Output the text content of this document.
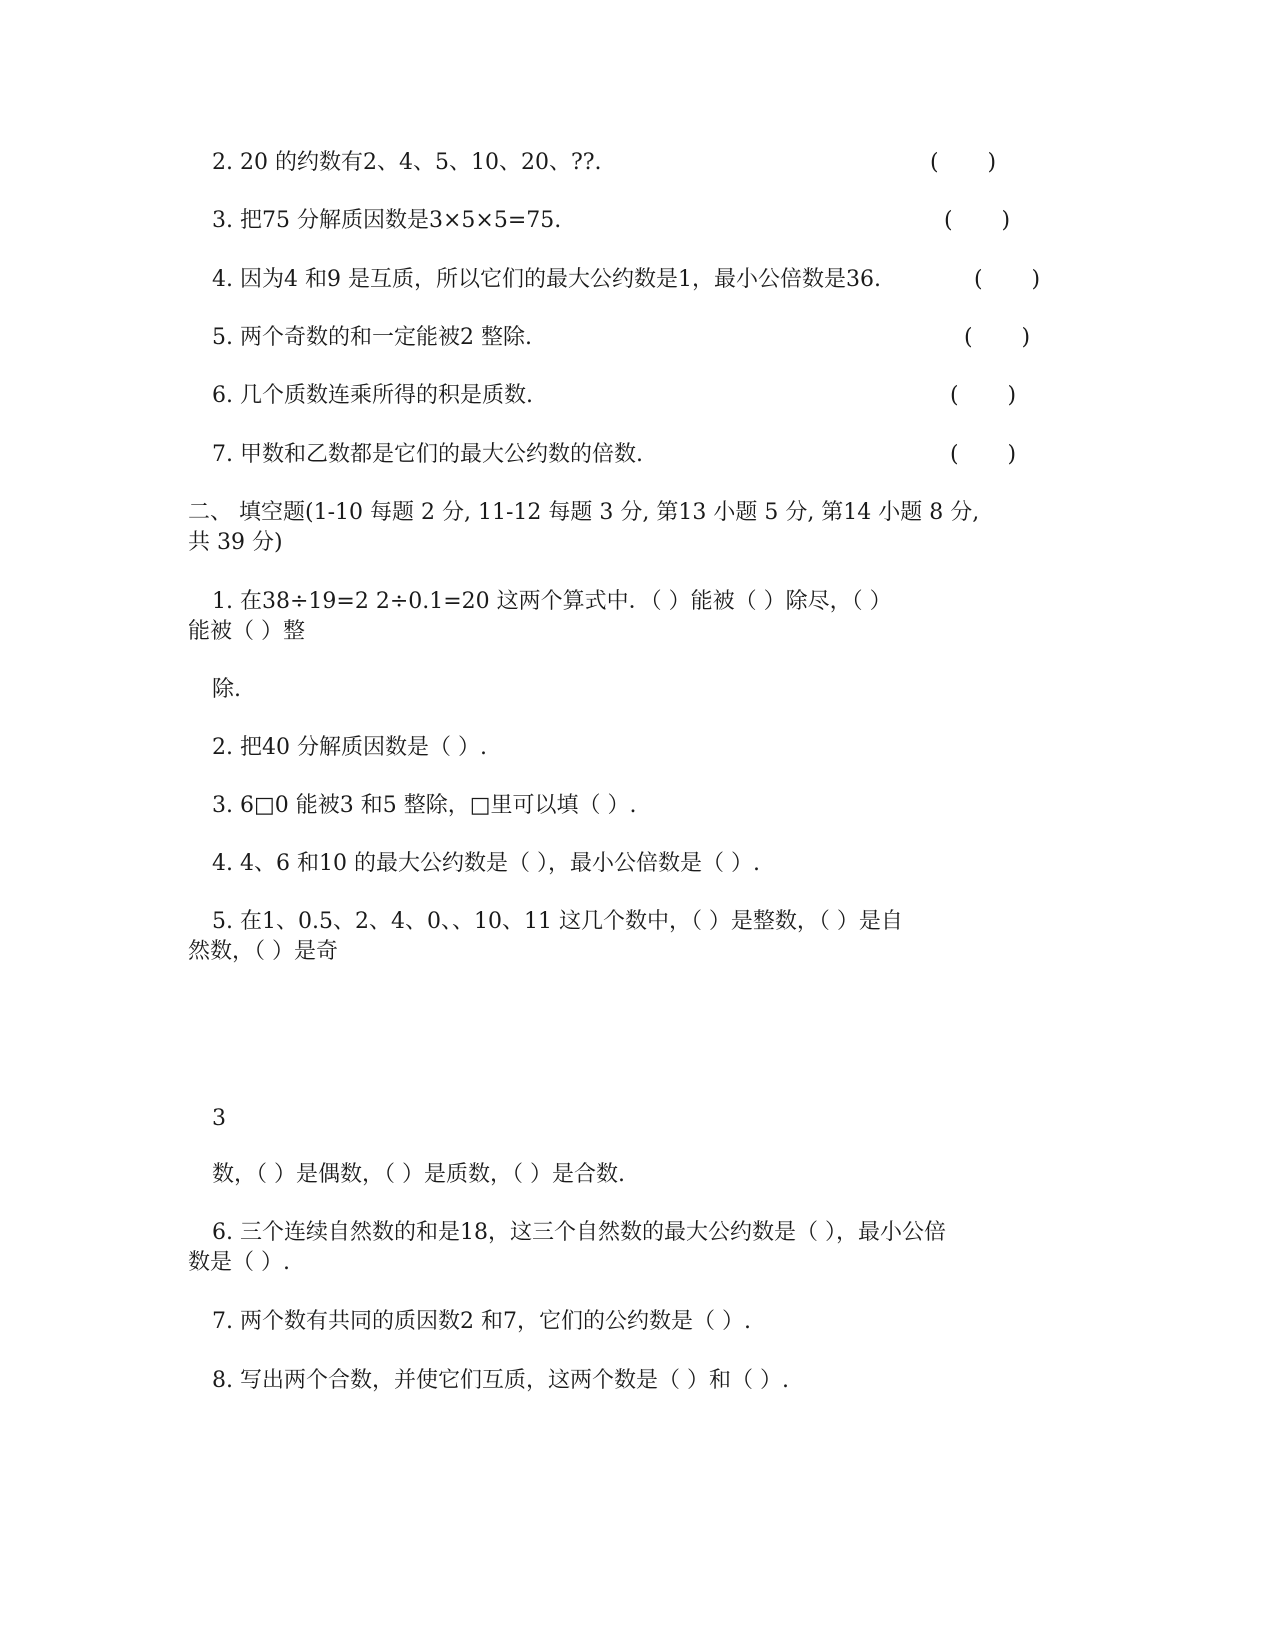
2. 20 的约数有2、4、5、10、20、??.	(       )
3. 把75 分解质因数是3×5×5=75.	(       )
4. 因为4 和9 是互质，所以它们的最大公约数是1，最小公倍数是36.	(       )
5. 两个奇数的和一定能被2 整除.	(       )
6. 几个质数连乘所得的积是质数.	(       )
7. 甲数和乙数都是它们的最大公约数的倍数.	(       )
二、 填空题(1-10 每题 2 分, 11-12 每题 3 分, 第13 小题 5 分, 第14 小题 8 分,
共 39 分)
1. 在38÷19=2 2÷0.1=20 这两个算式中．（ ）能被（ ）除尽，（ ）
能被（ ）整
除.
2. 把40 分解质因数是（ ）.
3. 6□0 能被3 和5 整除，□里可以填（ ）.
4. 4、6 和10 的最大公约数是（ ），最小公倍数是（ ）.
5. 在1、0.5、2、4、0、、10、11 这几个数中，（ ）是整数，（ ）是自
然数，（ ）是奇
3
数，（ ）是偶数，（ ）是质数，（ ）是合数.
6. 三个连续自然数的和是18，这三个自然数的最大公约数是（ ），最小公倍
数是（ ）.
7. 两个数有共同的质因数2 和7，它们的公约数是（ ）.
8. 写出两个合数，并使它们互质，这两个数是（ ）和（ ）.
